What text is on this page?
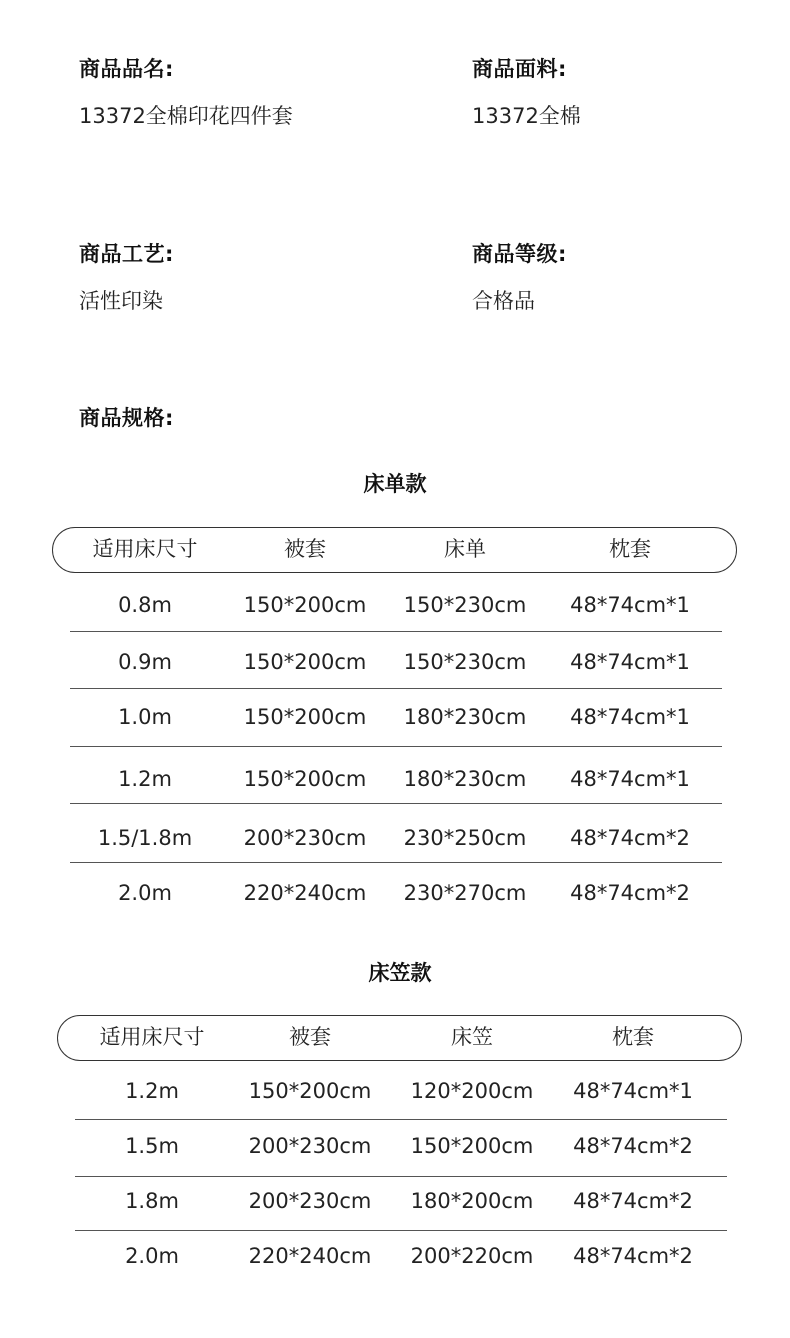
商品品名:
13372全棉印花四件套
商品面料:
13372全棉
商品工艺:
活性印染
商品等级:
合格品
商品规格:
床单款
适用床尺寸	被套	床单	枕套
0.8m	150*200cm	150*230cm	48*74cm*1
0.9m	150*200cm	150*230cm	48*74cm*1
1.0m	150*200cm	180*230cm	48*74cm*1
1.2m	150*200cm	180*230cm	48*74cm*1
1.5/1.8m	200*230cm	230*250cm	48*74cm*2
2.0m	220*240cm	230*270cm	48*74cm*2
床笠款
适用床尺寸	被套	床笠	枕套
1.2m	150*200cm	120*200cm	48*74cm*1
1.5m	200*230cm	150*200cm	48*74cm*2
1.8m	200*230cm	180*200cm	48*74cm*2
2.0m	220*240cm	200*220cm	48*74cm*2
